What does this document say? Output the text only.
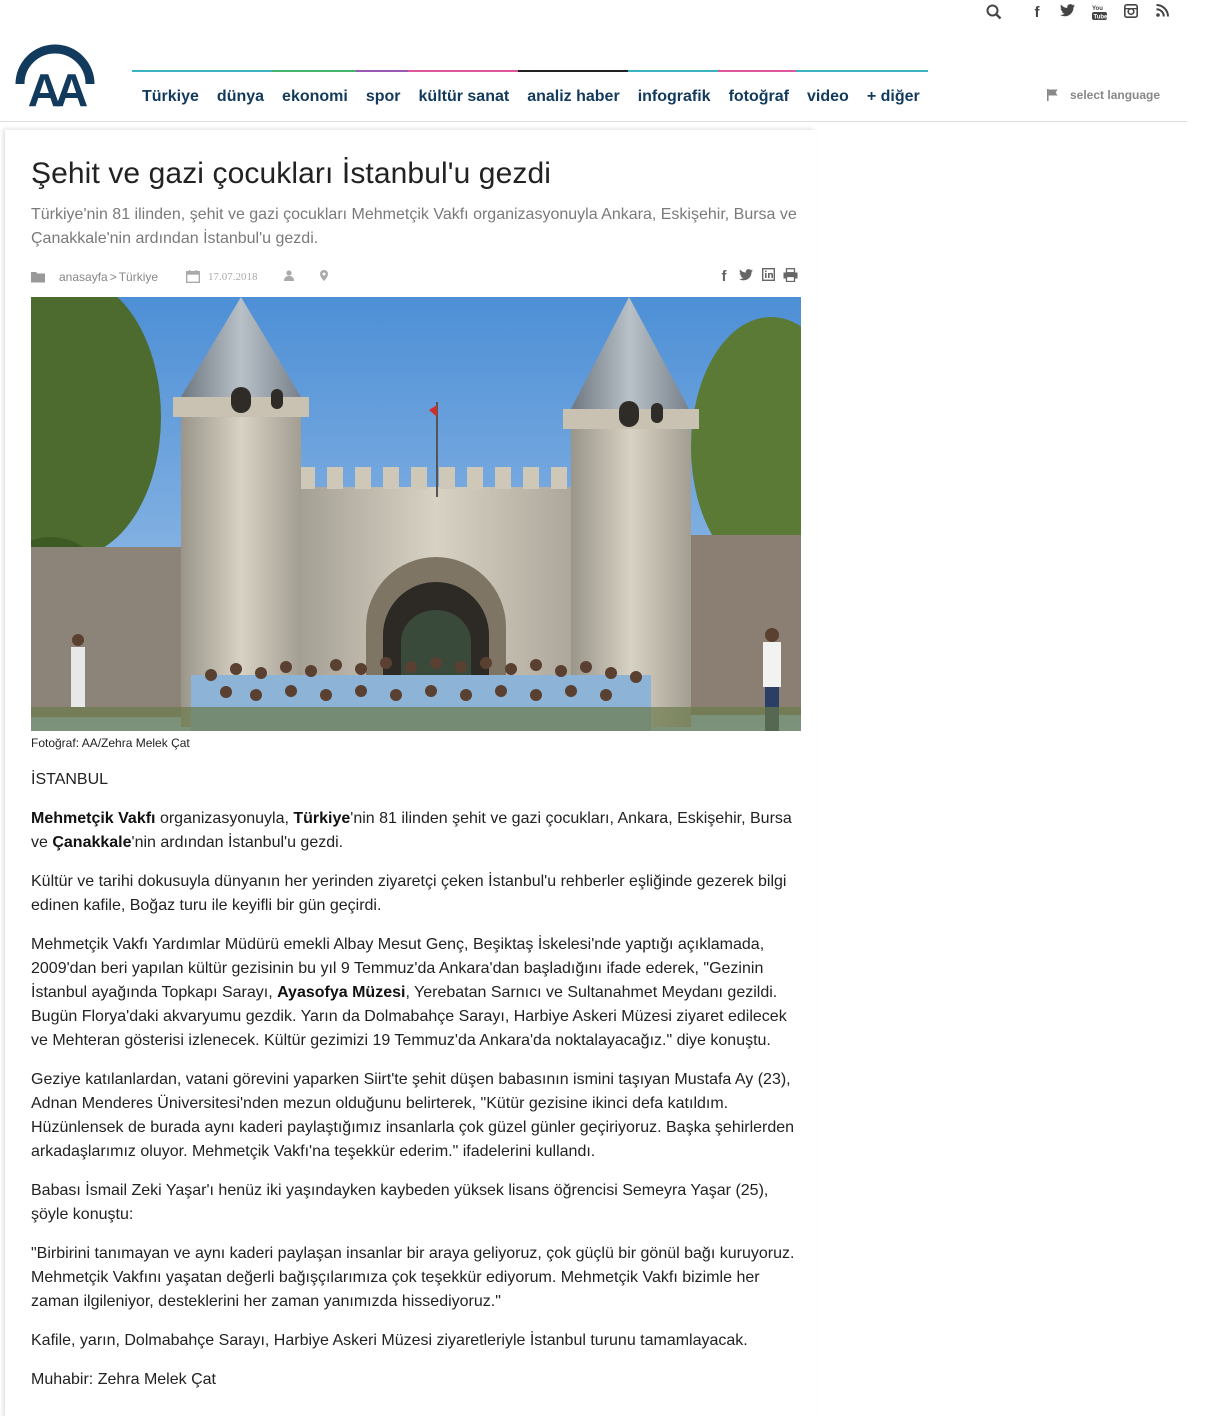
f	You
Tube
AA	Türkiye	dünya	ekonomi	spor	kültür sanat	analiz haber	infografik	fotoğraf	video	+ diğer	select language
Şehit ve gazi çocukları İstanbul'u gezdi

Türkiye'nin 81 ilinden, şehit ve gazi çocukları Mehmetçik Vakfı organizasyonuyla Ankara, Eskişehir, Bursa ve Çanakkale'nin ardından İstanbul'u gezdi.

anasayfa > Türkiye	17.07.2018	f
Fotoğraf: AA/Zehra Melek Çat

İSTANBUL

Mehmetçik Vakfı organizasyonuyla, Türkiye'nin 81 ilinden şehit ve gazi çocukları, Ankara, Eskişehir, Bursa ve Çanakkale'nin ardından İstanbul'u gezdi.

Kültür ve tarihi dokusuyla dünyanın her yerinden ziyaretçi çeken İstanbul'u rehberler eşliğinde gezerek bilgi edinen kafile, Boğaz turu ile keyifli bir gün geçirdi.

Mehmetçik Vakfı Yardımlar Müdürü emekli Albay Mesut Genç, Beşiktaş İskelesi'nde yaptığı açıklamada, 2009'dan beri yapılan kültür gezisinin bu yıl 9 Temmuz'da Ankara'dan başladığını ifade ederek, "Gezinin İstanbul ayağında Topkapı Sarayı, Ayasofya Müzesi, Yerebatan Sarnıcı ve Sultanahmet Meydanı gezildi. Bugün Florya'daki akvaryumu gezdik. Yarın da Dolmabahçe Sarayı, Harbiye Askeri Müzesi ziyaret edilecek ve Mehteran gösterisi izlenecek. Kültür gezimizi 19 Temmuz'da Ankara'da noktalayacağız." diye konuştu.

Geziye katılanlardan, vatani görevini yaparken Siirt'te şehit düşen babasının ismini taşıyan Mustafa Ay (23), Adnan Menderes Üniversitesi'nden mezun olduğunu belirterek, "Kütür gezisine ikinci defa katıldım. Hüzünlensek de burada aynı kaderi paylaştığımız insanlarla çok güzel günler geçiriyoruz. Başka şehirlerden arkadaşlarımız oluyor. Mehmetçik Vakfı'na teşekkür ederim." ifadelerini kullandı.

Babası İsmail Zeki Yaşar'ı henüz iki yaşındayken kaybeden yüksek lisans öğrencisi Semeyra Yaşar (25), şöyle konuştu:

"Birbirini tanımayan ve aynı kaderi paylaşan insanlar bir araya geliyoruz, çok güçlü bir gönül bağı kuruyoruz. Mehmetçik Vakfını yaşatan değerli bağışçılarımıza çok teşekkür ediyorum. Mehmetçik Vakfı bizimle her zaman ilgileniyor, desteklerini her zaman yanımızda hissediyoruz."

Kafile, yarın, Dolmabahçe Sarayı, Harbiye Askeri Müzesi ziyaretleriyle İstanbul turunu tamamlayacak.

Muhabir: Zehra Melek Çat
